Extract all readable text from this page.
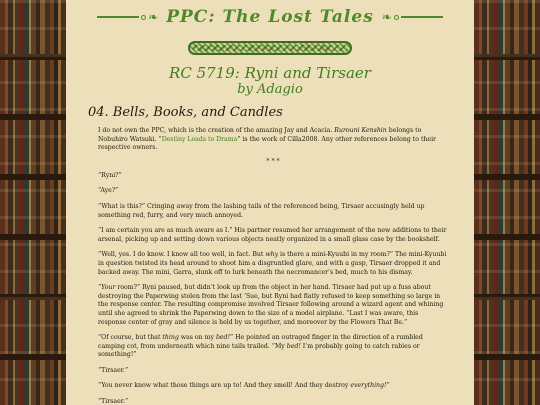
❧ PPC: The Lost Tales ❧
RC 5719: Ryni and Tirsaer
by Adagio
04. Bells, Books, and Candles

I do not own the PPC, which is the creation of the amazing Jay and Acacia. Rurouni Kenshin belongs to Nobuhiro Watsuki. “Destiny Leads to Drama” is the work of Cilla2008. Any other references belong to their respective owners.

* * *

“Ryni?”

“Aye?”

“What is this?” Cringing away from the lashing tails of the referenced being, Tirsaer accusingly held up something red, furry, and very much annoyed.

“I am certain you are as much aware as I.” His partner resumed her arrangement of the new additions to their arsenal, picking up and setting down various objects neatly organized in a small glass case by the bookshelf.

“Well, yes. I do know. I know all too well, in fact. But why is there a mini-Kyuubi in my room?” The mini-Kyuubi in question twisted its head around to shoot him a disgruntled glare, and with a gasp, Tirsaer dropped it and backed away. The mini, Garra, slunk off to lurk beneath the necromancer’s bed, much to his dismay.

“Your room?” Ryni paused, but didn’t look up from the object in her hand. Tirsaer had put up a fuss about destroying the Paperwing stolen from the last ‘Sue, but Ryni had flatly refused to keep something so large in the response center. The resulting compromise involved Tirsaer following around a wizard agent and whining until she agreed to shrink the Paperwing down to the size of a model airplane. “Last I was aware, this response center of gray and silence is held by us together, and moreover by the Flowers That Be.”

“Of course, but that thing was on my bed!” He pointed an outraged finger in the direction of a rumbled camping cot, from underneath which nine tails trailed. “My bed! I’m probably going to catch rabies or something!”

“Tirsaer.”

“You never know what those things are up to! And they smell! And they destroy everything!”

“Tirsaer.”
